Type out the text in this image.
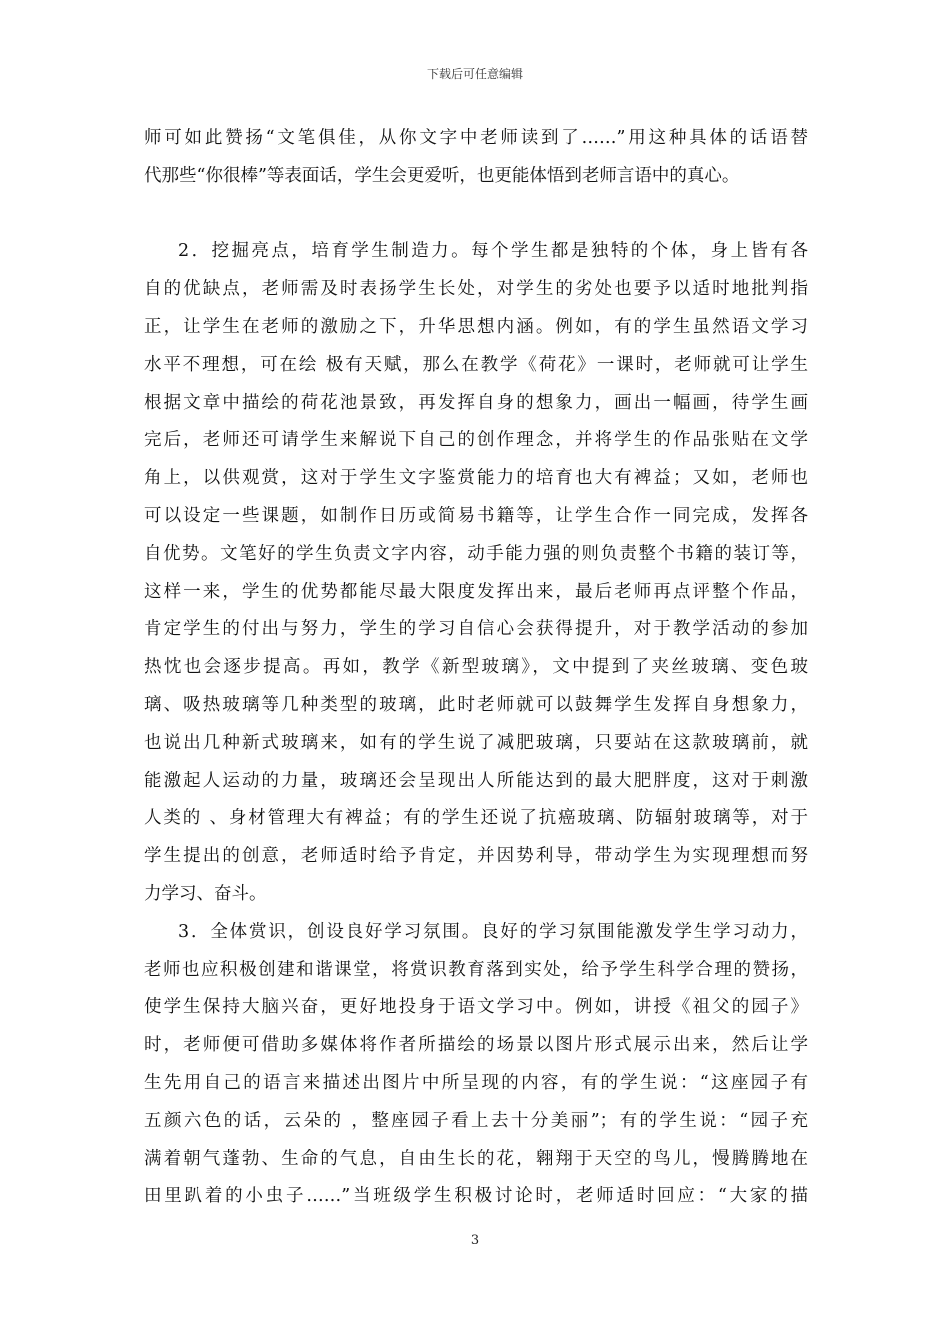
下载后可任意编辑
师可如此赞扬“文笔俱佳，从你文字中老师读到了……”用这种具体的话语替
代那些“你很棒”等表面话，学生会更爱听，也更能体悟到老师言语中的真心。
2．挖掘亮点，培育学生制造力。每个学生都是独特的个体，身上皆有各
自的优缺点，老师需及时表扬学生长处，对学生的劣处也要予以适时地批判指
正，让学生在老师的激励之下，升华思想内涵。例如，有的学生虽然语文学习
水平不理想，可在绘 极有天赋，那么在教学《荷花》一课时，老师就可让学生
根据文章中描绘的荷花池景致，再发挥自身的想象力，画出一幅画，待学生画
完后，老师还可请学生来解说下自己的创作理念，并将学生的作品张贴在文学
角上，以供观赏，这对于学生文字鉴赏能力的培育也大有裨益；又如，老师也
可以设定一些课题，如制作日历或简易书籍等，让学生合作一同完成，发挥各
自优势。文笔好的学生负责文字内容，动手能力强的则负责整个书籍的装订等，
这样一来，学生的优势都能尽最大限度发挥出来，最后老师再点评整个作品，
肯定学生的付出与努力，学生的学习自信心会获得提升，对于教学活动的参加
热忱也会逐步提高。再如，教学《新型玻璃》，文中提到了夹丝玻璃、变色玻
璃、吸热玻璃等几种类型的玻璃，此时老师就可以鼓舞学生发挥自身想象力，
也说出几种新式玻璃来，如有的学生说了减肥玻璃，只要站在这款玻璃前，就
能激起人运动的力量，玻璃还会呈现出人所能达到的最大肥胖度，这对于刺激
人类的 、身材管理大有裨益；有的学生还说了抗癌玻璃、防辐射玻璃等，对于
学生提出的创意，老师适时给予肯定，并因势利导，带动学生为实现理想而努
力学习、奋斗。
3．全体赏识，创设良好学习氛围。良好的学习氛围能激发学生学习动力，
老师也应积极创建和谐课堂，将赏识教育落到实处，给予学生科学合理的赞扬，
使学生保持大脑兴奋，更好地投身于语文学习中。例如，讲授《祖父的园子》
时，老师便可借助多媒体将作者所描绘的场景以图片形式展示出来，然后让学
生先用自己的语言来描述出图片中所呈现的内容，有的学生说：“这座园子有
五颜六色的话，云朵的 ，整座园子看上去十分美丽”；有的学生说：“园子充
满着朝气蓬勃、生命的气息，自由生长的花，翱翔于天空的鸟儿，慢腾腾地在
田里趴着的小虫子……”当班级学生积极讨论时，老师适时回应：“大家的描
3
